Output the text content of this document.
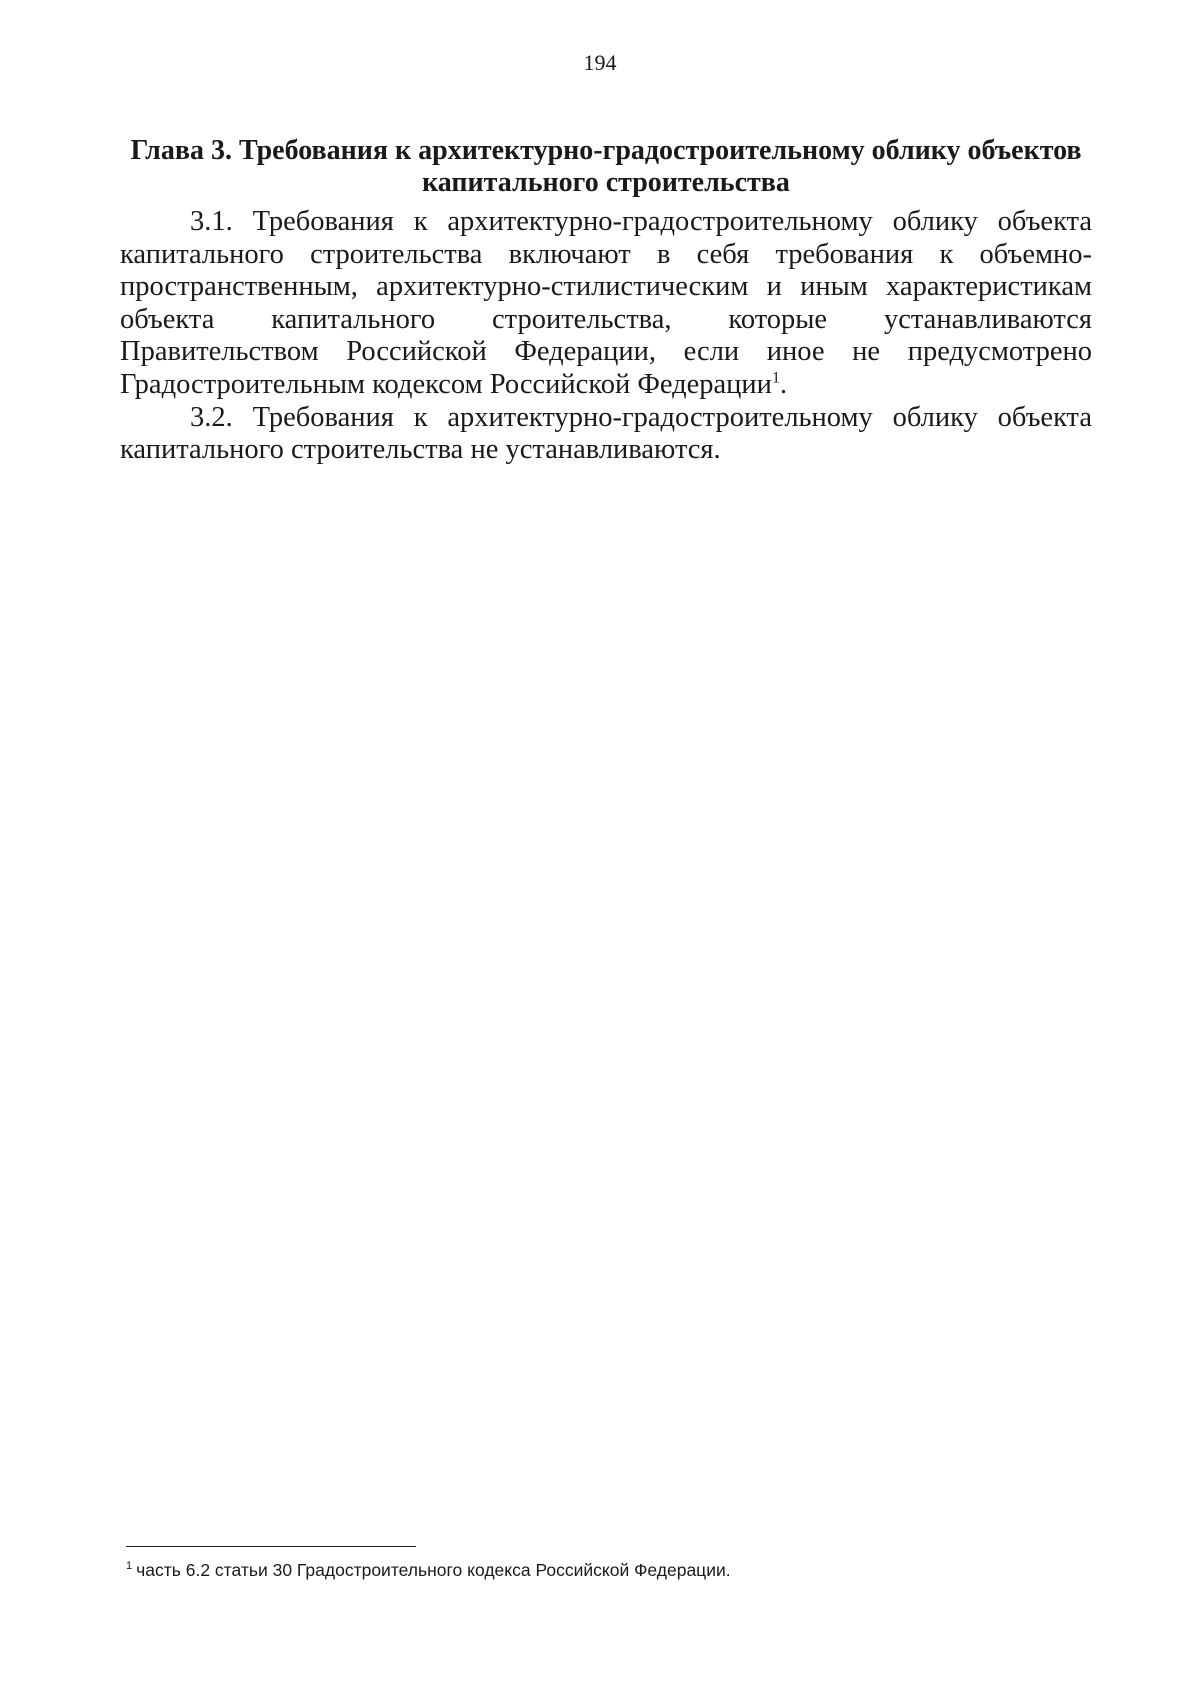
194
Глава 3. Требования к архитектурно-градостроительному облику объектов капитального строительства

3.1. Требования к архитектурно-градостроительному облику объекта капитального строительства включают в себя требования к объемно-пространственным, архитектурно-стилистическим и иным характеристикам объекта капитального строительства, которые устанавливаются Правительством Российской Федерации, если иное не предусмотрено Градостроительным кодексом Российской Федерации$^1$.

3.2. Требования к архитектурно-градостроительному облику объекта капитального строительства не устанавливаются.

$^1$ часть 6.2 статьи 30 Градостроительного кодекса Российской Федерации.
